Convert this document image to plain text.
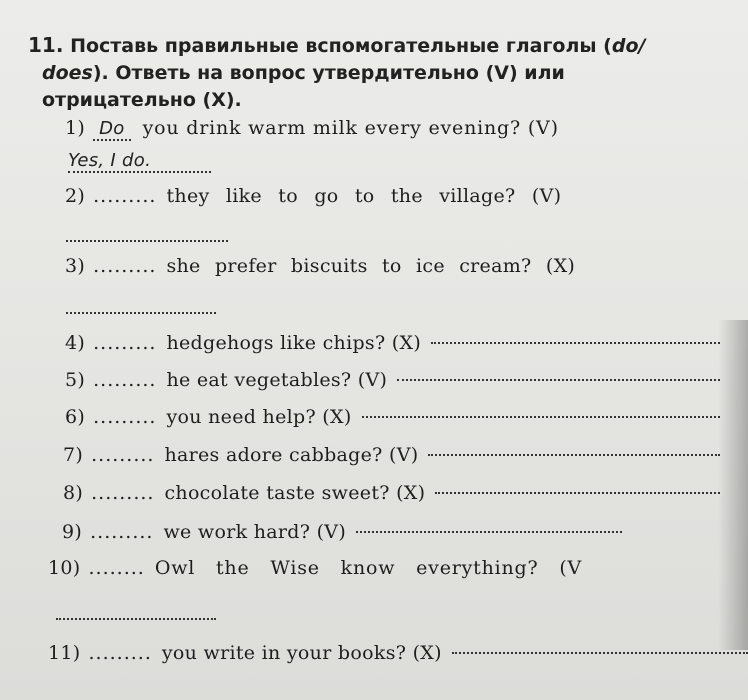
11. Поставь правильные вспомогательные глаголы (do/
does). Ответь на вопрос утвердительно (V) или
отрицательно (X).
1) Do you drink warm milk every evening? (V)
Yes, I do.
2) ......... they like to go to the village? (V)
3) ......... she prefer biscuits to ice cream? (X)
4) ......... hedgehogs like chips? (X)
5) ......... he eat vegetables? (V)
6) ......... you need help? (X)
7) ......... hares adore cabbage? (V)
8) ......... chocolate taste sweet? (X)
9) ......... we work hard? (V)
10) ........ Owl the Wise know everything? (V
11) ......... you write in your books? (X)
